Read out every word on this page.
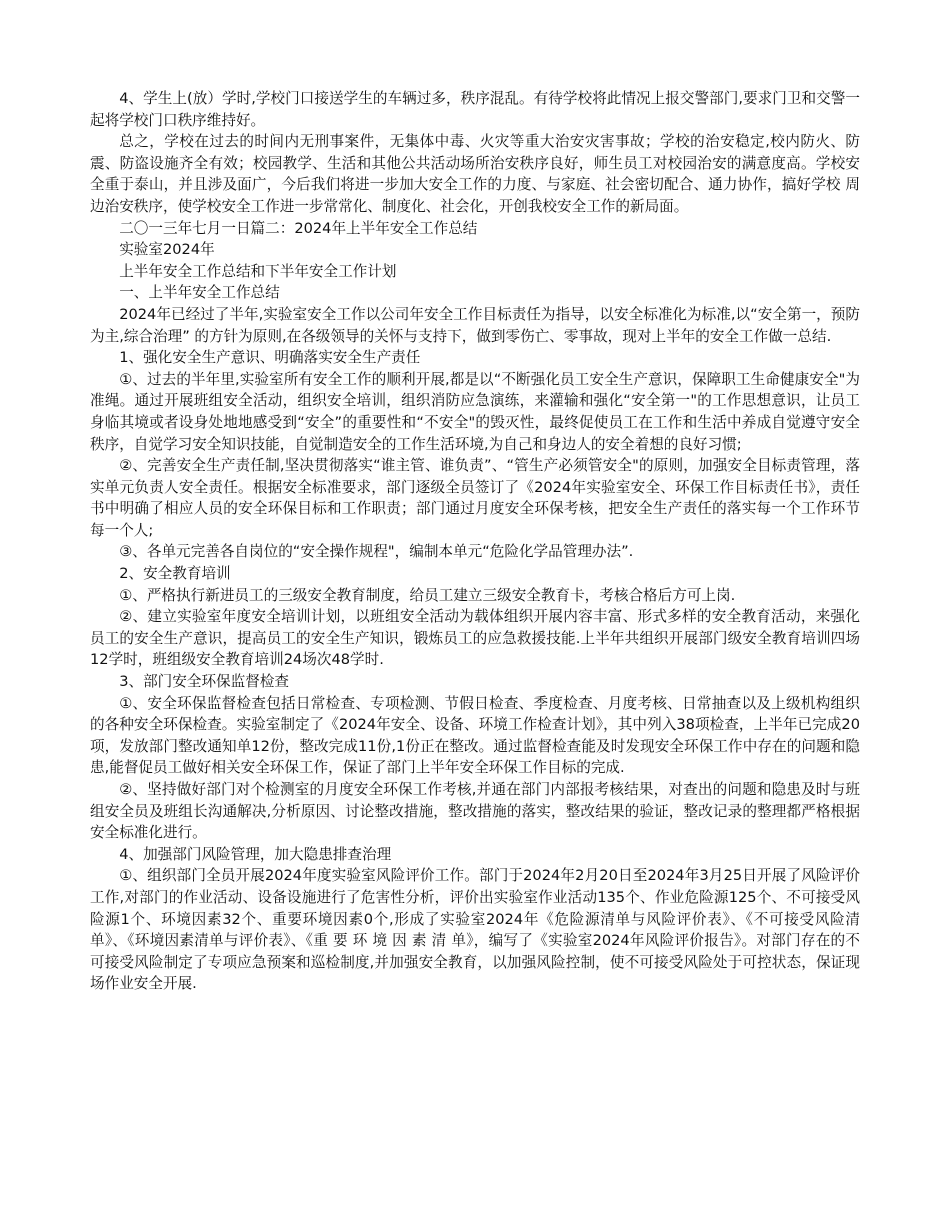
4、学生上(放）学时,学校门口接送学生的车辆过多，秩序混乱。有待学校将此情况上报交警部门,要求门卫和交警一起将学校门口秩序维持好。

总之，学校在过去的时间内无刑事案件，无集体中毒、火灾等重大治安灾害事故；学校的治安稳定,校内防火、防震、防盗设施齐全有效；校园教学、生活和其他公共活动场所治安秩序良好，师生员工对校园治安的满意度高。学校安全重于泰山，并且涉及面广，今后我们将进一步加大安全工作的力度、与家庭、社会密切配合、通力协作，搞好学校 周边治安秩序，使学校安全工作进一步常常化、制度化、社会化，开创我校安全工作的新局面。

二〇一三年七月一日篇二：2024年上半年安全工作总结

实验室2024年

上半年安全工作总结和下半年安全工作计划

一、上半年安全工作总结

2024年已经过了半年,实验室安全工作以公司年安全工作目标责任为指导，以安全标准化为标准,以“安全第一，预防为主,综合治理” 的方针为原则,在各级领导的关怀与支持下，做到零伤亡、零事故，现对上半年的安全工作做一总结.

1、强化安全生产意识、明确落实安全生产责任

①、过去的半年里,实验室所有安全工作的顺利开展,都是以“不断强化员工安全生产意识，保障职工生命健康安全"为准绳。通过开展班组安全活动，组织安全培训，组织消防应急演练，来灌输和强化“安全第一"的工作思想意识，让员工身临其境或者设身处地地感受到“安全”的重要性和“不安全"的毁灭性，最终促使员工在工作和生活中养成自觉遵守安全秩序，自觉学习安全知识技能，自觉制造安全的工作生活环境,为自己和身边人的安全着想的良好习惯;

②、完善安全生产责任制,坚决贯彻落实“谁主管、谁负责”、“管生产必须管安全"的原则，加强安全目标责管理，落实单元负责人安全责任。根据安全标准要求，部门逐级全员签订了《2024年实验室安全、环保工作目标责任书》，责任书中明确了相应人员的安全环保目标和工作职责；部门通过月度安全环保考核，把安全生产责任的落实每一个工作环节每一个人;

③、各单元完善各自岗位的“安全操作规程"，编制本单元“危险化学品管理办法”.

2、安全教育培训

①、严格执行新进员工的三级安全教育制度，给员工建立三级安全教育卡，考核合格后方可上岗.

②、建立实验室年度安全培训计划，以班组安全活动为载体组织开展内容丰富、形式多样的安全教育活动，来强化员工的安全生产意识，提高员工的安全生产知识，锻炼员工的应急救援技能.上半年共组织开展部门级安全教育培训四场12学时，班组级安全教育培训24场次48学时.

3、部门安全环保监督检查

①、安全环保监督检查包括日常检查、专项检测、节假日检查、季度检查、月度考核、日常抽查以及上级机构组织的各种安全环保检查。实验室制定了《2024年安全、设备、环境工作检查计划》，其中列入38项检查，上半年已完成20项，发放部门整改通知单12份，整改完成11份,1份正在整改。通过监督检查能及时发现安全环保工作中存在的问题和隐患,能督促员工做好相关安全环保工作，保证了部门上半年安全环保工作目标的完成.

②、坚持做好部门对个检测室的月度安全环保工作考核,并通在部门内部报考核结果，对查出的问题和隐患及时与班组安全员及班组长沟通解决,分析原因、讨论整改措施，整改措施的落实，整改结果的验证，整改记录的整理都严格根据安全标准化进行。

4、加强部门风险管理，加大隐患排查治理

①、组织部门全员开展2024年度实验室风险评价工作。部门于2024年2月20日至2024年3月25日开展了风险评价工作,对部门的作业活动、设备设施进行了危害性分析，评价出实验室作业活动135个、作业危险源125个、不可接受风险源1个、环境因素32个、重要环境因素0个,形成了实验室2024年《危险源清单与风险评价表》、《不可接受风险清单》、《环境因素清单与评价表》、《重 要 环 境 因 素 清 单》，编写了《实验室2024年风险评价报告》。对部门存在的不可接受风险制定了专项应急预案和巡检制度,并加强安全教育，以加强风险控制，使不可接受风险处于可控状态，保证现场作业安全开展.
